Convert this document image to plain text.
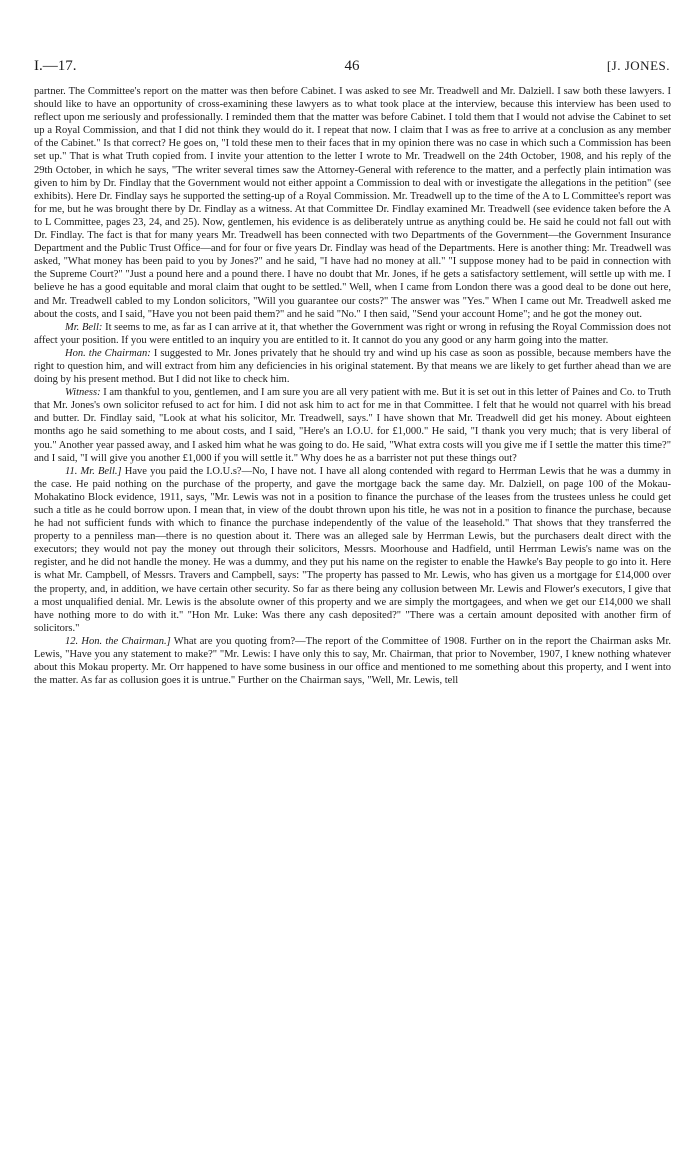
I.—17.	46	[J. JONES.

partner. The Committee's report on the matter was then before Cabinet. I was asked to see Mr. Treadwell and Mr. Dalziell. I saw both these lawyers. I should like to have an opportunity of cross-examining these lawyers as to what took place at the interview, because this interview has been used to reflect upon me seriously and professionally. I reminded them that the matter was before Cabinet. I told them that I would not advise the Cabinet to set up a Royal Commission, and that I did not think they would do it. I repeat that now. I claim that I was as free to arrive at a conclusion as any member of the Cabinet." Is that correct? He goes on, "I told these men to their faces that in my opinion there was no case in which such a Commission has been set up." That is what Truth copied from. I invite your attention to the letter I wrote to Mr. Treadwell on the 24th October, 1908, and his reply of the 29th October, in which he says, "The writer several times saw the Attorney-General with reference to the matter, and a perfectly plain intimation was given to him by Dr. Findlay that the Government would not either appoint a Commission to deal with or investigate the allegations in the petition" (see exhibits). Here Dr. Findlay says he supported the setting-up of a Royal Commission. Mr. Treadwell up to the time of the A to L Committee's report was for me, but he was brought there by Dr. Findlay as a witness. At that Committee Dr. Findlay examined Mr. Treadwell (see evidence taken before the A to L Committee, pages 23, 24, and 25). Now, gentlemen, his evidence is as deliberately untrue as anything could be. He said he could not fall out with Dr. Findlay. The fact is that for many years Mr. Treadwell has been connected with two Departments of the Government—the Government Insurance Department and the Public Trust Office—and for four or five years Dr. Findlay was head of the Departments. Here is another thing: Mr. Treadwell was asked, "What money has been paid to you by Jones?" and he said, "I have had no money at all." "I suppose money had to be paid in connection with the Supreme Court?" "Just a pound here and a pound there. I have no doubt that Mr. Jones, if he gets a satisfactory settlement, will settle up with me. I believe he has a good equitable and moral claim that ought to be settled." Well, when I came from London there was a good deal to be done out here, and Mr. Treadwell cabled to my London solicitors, "Will you guarantee our costs?" The answer was "Yes." When I came out Mr. Treadwell asked me about the costs, and I said, "Have you not been paid them?" and he said "No." I then said, "Send your account Home"; and he got the money out.

Mr. Bell: It seems to me, as far as I can arrive at it, that whether the Government was right or wrong in refusing the Royal Commission does not affect your position. If you were entitled to an inquiry you are entitled to it. It cannot do you any good or any harm going into the matter.

Hon. the Chairman: I suggested to Mr. Jones privately that he should try and wind up his case as soon as possible, because members have the right to question him, and will extract from him any deficiencies in his original statement. By that means we are likely to get further ahead than we are doing by his present method. But I did not like to check him.

Witness: I am thankful to you, gentlemen, and I am sure you are all very patient with me. But it is set out in this letter of Paines and Co. to Truth that Mr. Jones's own solicitor refused to act for him. I did not ask him to act for me in that Committee. I felt that he would not quarrel with his bread and butter. Dr. Findlay said, "Look at what his solicitor, Mr. Treadwell, says." I have shown that Mr. Treadwell did get his money. About eighteen months ago he said something to me about costs, and I said, "Here's an I.O.U. for £1,000." He said, "I thank you very much; that is very liberal of you." Another year passed away, and I asked him what he was going to do. He said, "What extra costs will you give me if I settle the matter this time?" and I said, "I will give you another £1,000 if you will settle it." Why does he as a barrister not put these things out?

11. Mr. Bell.] Have you paid the I.O.U.s?—No, I have not. I have all along contended with regard to Herrman Lewis that he was a dummy in the case. He paid nothing on the purchase of the property, and gave the mortgage back the same day. Mr. Dalziell, on page 100 of the Mokau-Mohakatino Block evidence, 1911, says, "Mr. Lewis was not in a position to finance the purchase of the leases from the trustees unless he could get such a title as he could borrow upon. I mean that, in view of the doubt thrown upon his title, he was not in a position to finance the purchase, because he had not sufficient funds with which to finance the purchase independently of the value of the leasehold." That shows that they transferred the property to a penniless man—there is no question about it. There was an alleged sale by Herrman Lewis, but the purchasers dealt direct with the executors; they would not pay the money out through their solicitors, Messrs. Moorhouse and Hadfield, until Herrman Lewis's name was on the register, and he did not handle the money. He was a dummy, and they put his name on the register to enable the Hawke's Bay people to go into it. Here is what Mr. Campbell, of Messrs. Travers and Campbell, says: "The property has passed to Mr. Lewis, who has given us a mortgage for £14,000 over the property, and, in addition, we have certain other security. So far as there being any collusion between Mr. Lewis and Flower's executors, I give that a most unqualified denial. Mr. Lewis is the absolute owner of this property and we are simply the mortgagees, and when we get our £14,000 we shall have nothing more to do with it." "Hon Mr. Luke: Was there any cash deposited?" "There was a certain amount deposited with another firm of solicitors."

12. Hon. the Chairman.] What are you quoting from?—The report of the Committee of 1908. Further on in the report the Chairman asks Mr. Lewis, "Have you any statement to make?" "Mr. Lewis: I have only this to say, Mr. Chairman, that prior to November, 1907, I knew nothing whatever about this Mokau property. Mr. Orr happened to have some business in our office and mentioned to me something about this property, and I went into the matter. As far as collusion goes it is untrue." Further on the Chairman says, "Well, Mr. Lewis, tell
